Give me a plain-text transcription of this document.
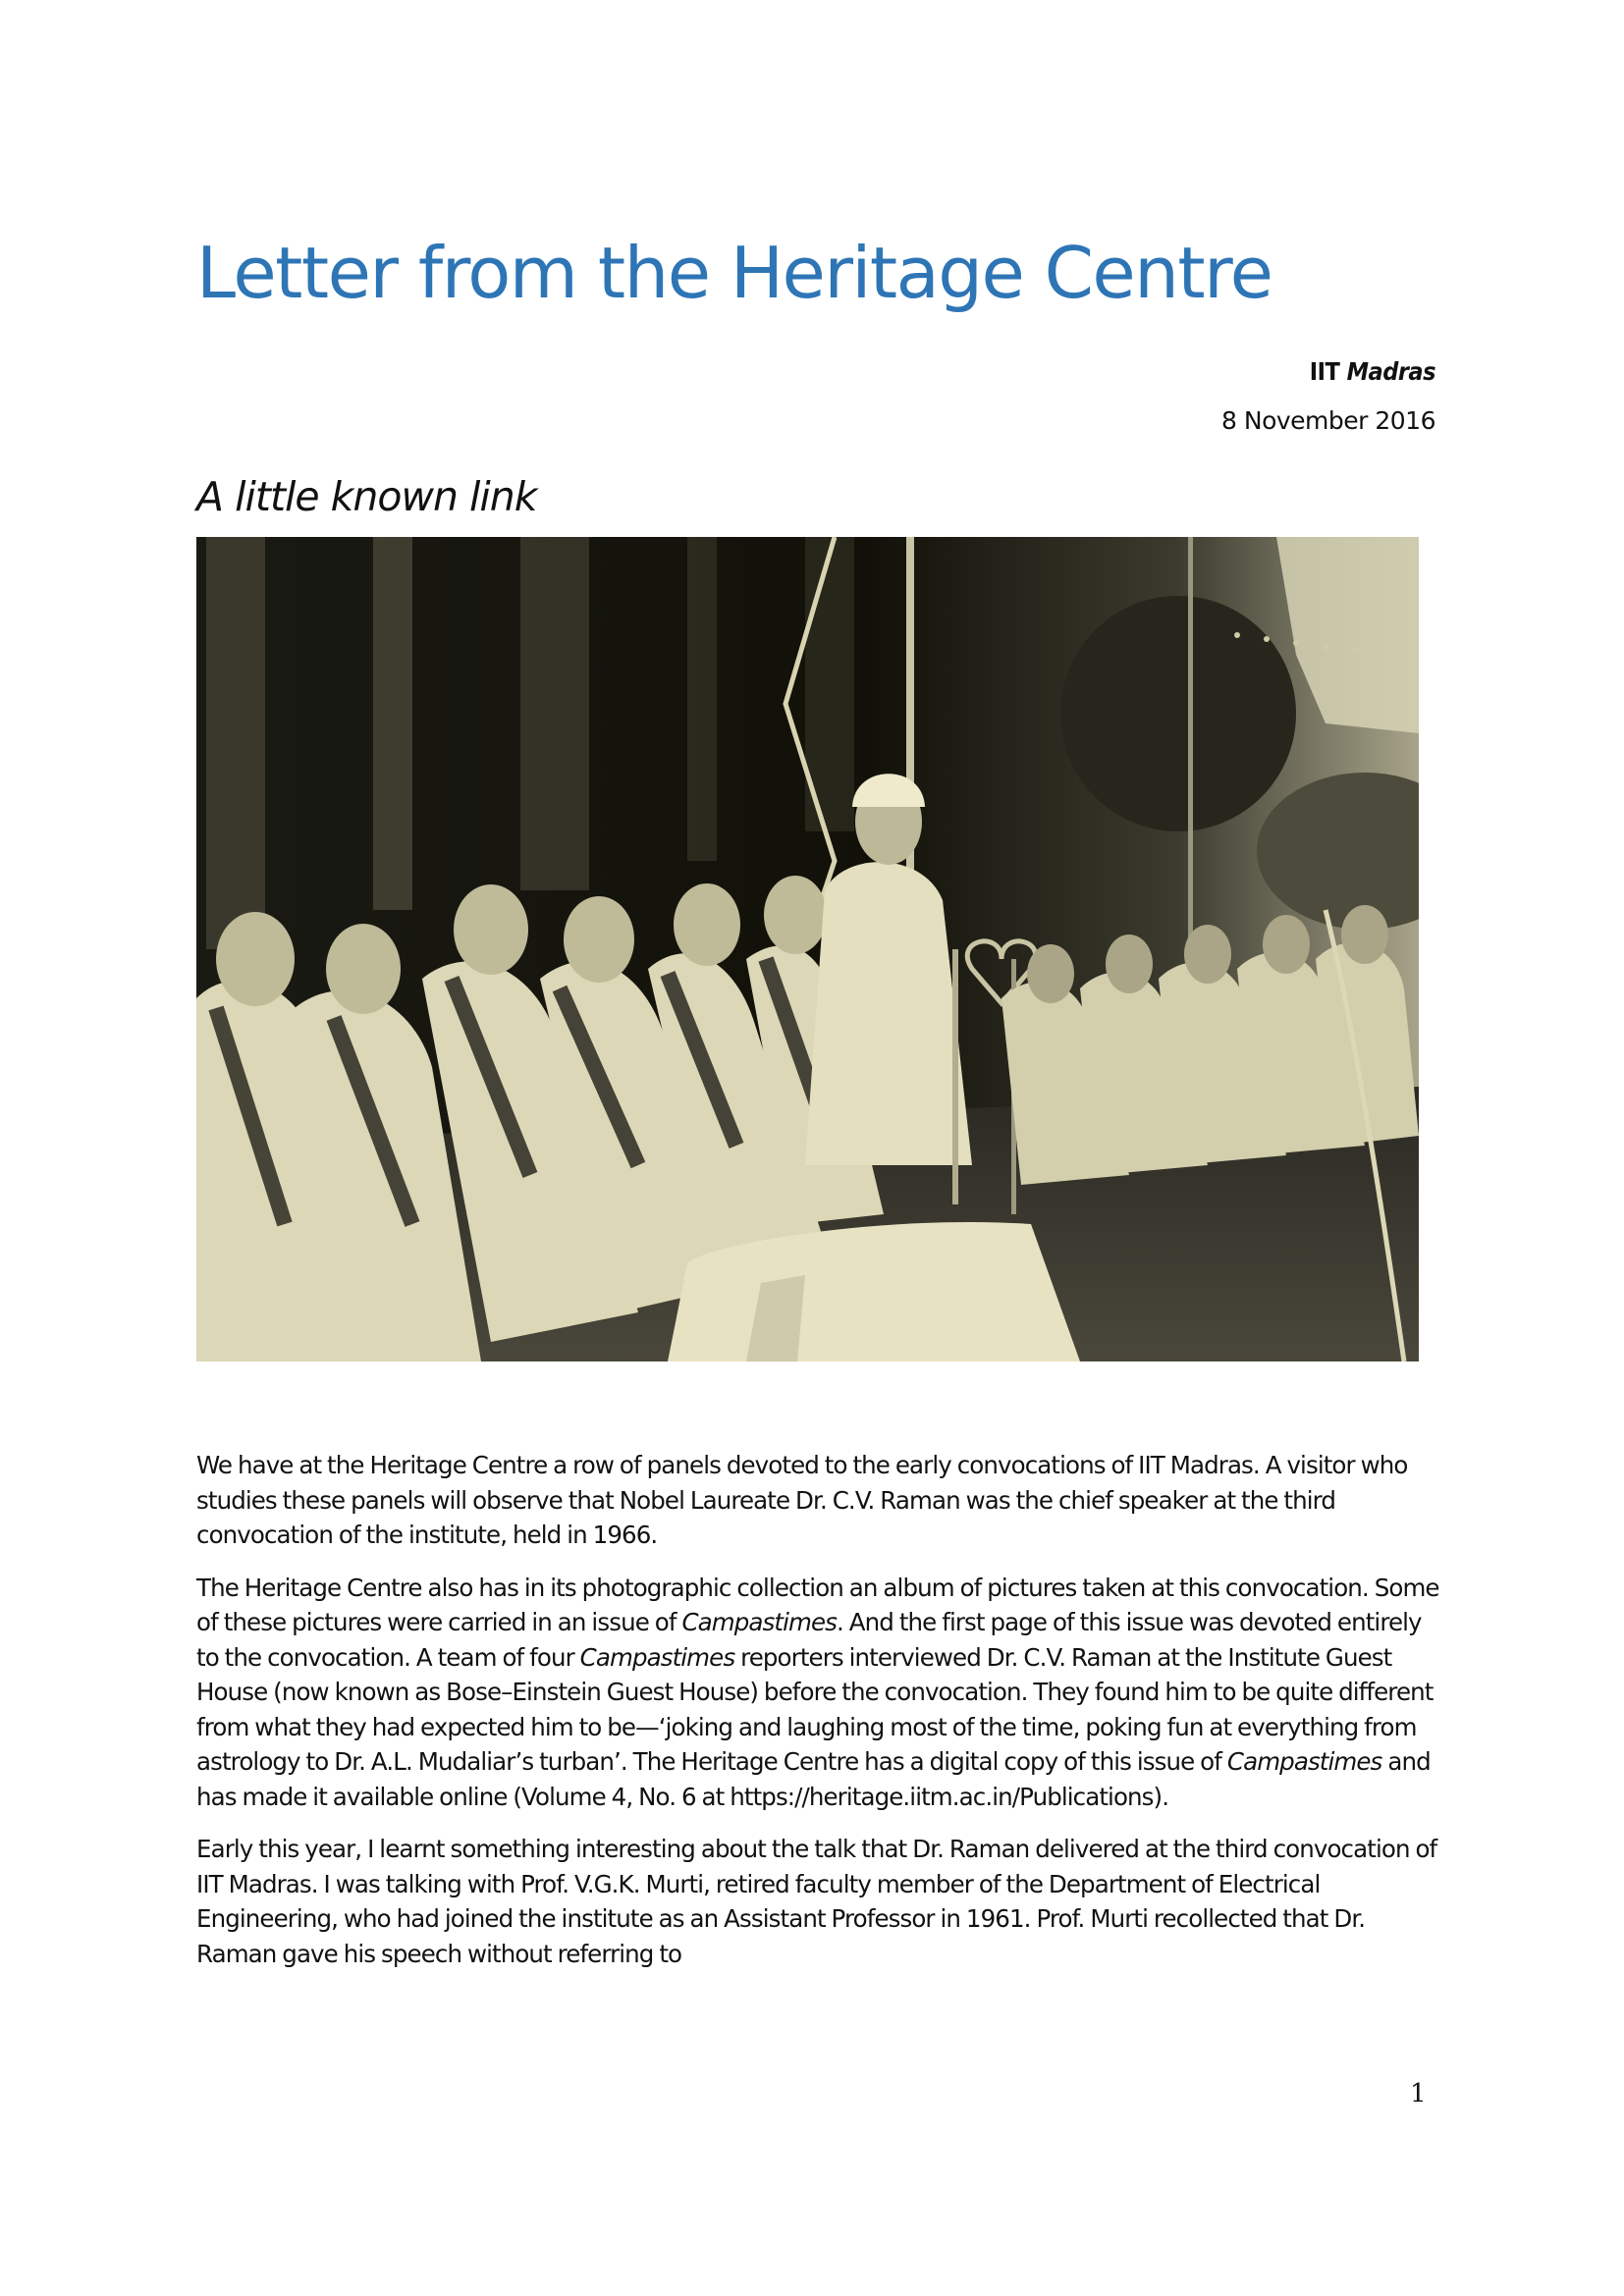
Letter from the Heritage Centre
IIT Madras
8 November 2016
A little known link

We have at the Heritage Centre a row of panels devoted to the early convocations of IIT Madras. A visitor who studies these panels will observe that Nobel Laureate Dr. C.V. Raman was the chief speaker at the third convocation of the institute, held in 1966.

The Heritage Centre also has in its photographic collection an album of pictures taken at this convocation. Some of these pictures were carried in an issue of Campastimes. And the first page of this issue was devoted entirely to the convocation. A team of four Campastimes reporters interviewed Dr. C.V. Raman at the Institute Guest House (now known as Bose–Einstein Guest House) before the convocation. They found him to be quite different from what they had expected him to be—‘joking and laughing most of the time, poking fun at everything from astrology to Dr. A.L. Mudaliar’s turban’. The Heritage Centre has a digital copy of this issue of Campastimes and has made it available online (Volume 4, No. 6 at https://heritage.iitm.ac.in/Publications).

Early this year, I learnt something interesting about the talk that Dr. Raman delivered at the third convocation of IIT Madras. I was talking with Prof. V.G.K. Murti, retired faculty member of the Department of Electrical Engineering, who had joined the institute as an Assistant Professor in 1961. Prof. Murti recollected that Dr. Raman gave his speech without referring to

1
